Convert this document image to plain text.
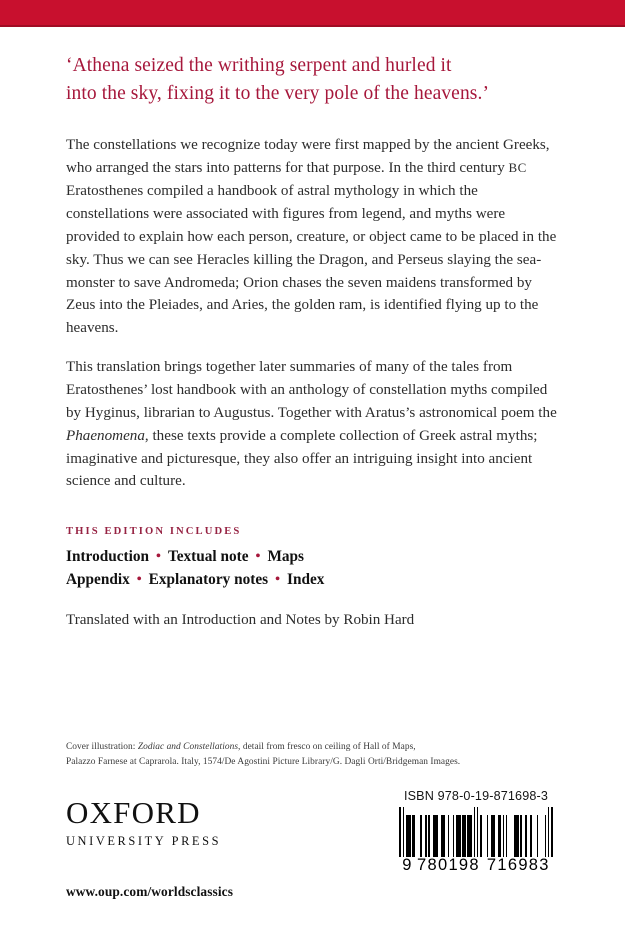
‘Athena seized the writhing serpent and hurled it
into the sky, fixing it to the very pole of the heavens.’

The constellations we recognize today were first mapped by the ancient Greeks, who arranged the stars into patterns for that purpose. In the third century BC Eratosthenes compiled a handbook of astral mythology in which the constellations were associated with figures from legend, and myths were provided to explain how each person, creature, or object came to be placed in the sky. Thus we can see Heracles killing the Dragon, and Perseus slaying the sea-monster to save Andromeda; Orion chases the seven maidens transformed by Zeus into the Pleiades, and Aries, the golden ram, is identified flying up to the heavens.

This translation brings together later summaries of many of the tales from Eratosthenes’ lost handbook with an anthology of constellation myths compiled by Hyginus, librarian to Augustus. Together with Aratus’s astronomical poem the Phaenomena, these texts provide a complete collection of Greek astral myths; imaginative and picturesque, they also offer an intriguing insight into ancient science and culture.

THIS EDITION INCLUDES
Introduction • Textual note • Maps
Appendix • Explanatory notes • Index
Translated with an Introduction and Notes by Robin Hard
Cover illustration: Zodiac and Constellations, detail from fresco on ceiling of Hall of Maps,
Palazzo Farnese at Caprarola. Italy, 1574/De Agostini Picture Library/G. Dagli Orti/Bridgeman Images.
OXFORD
UNIVERSITY PRESS
www.oup.com/worldsclassics
ISBN 978-0-19-871698-3
9 780198 716983
